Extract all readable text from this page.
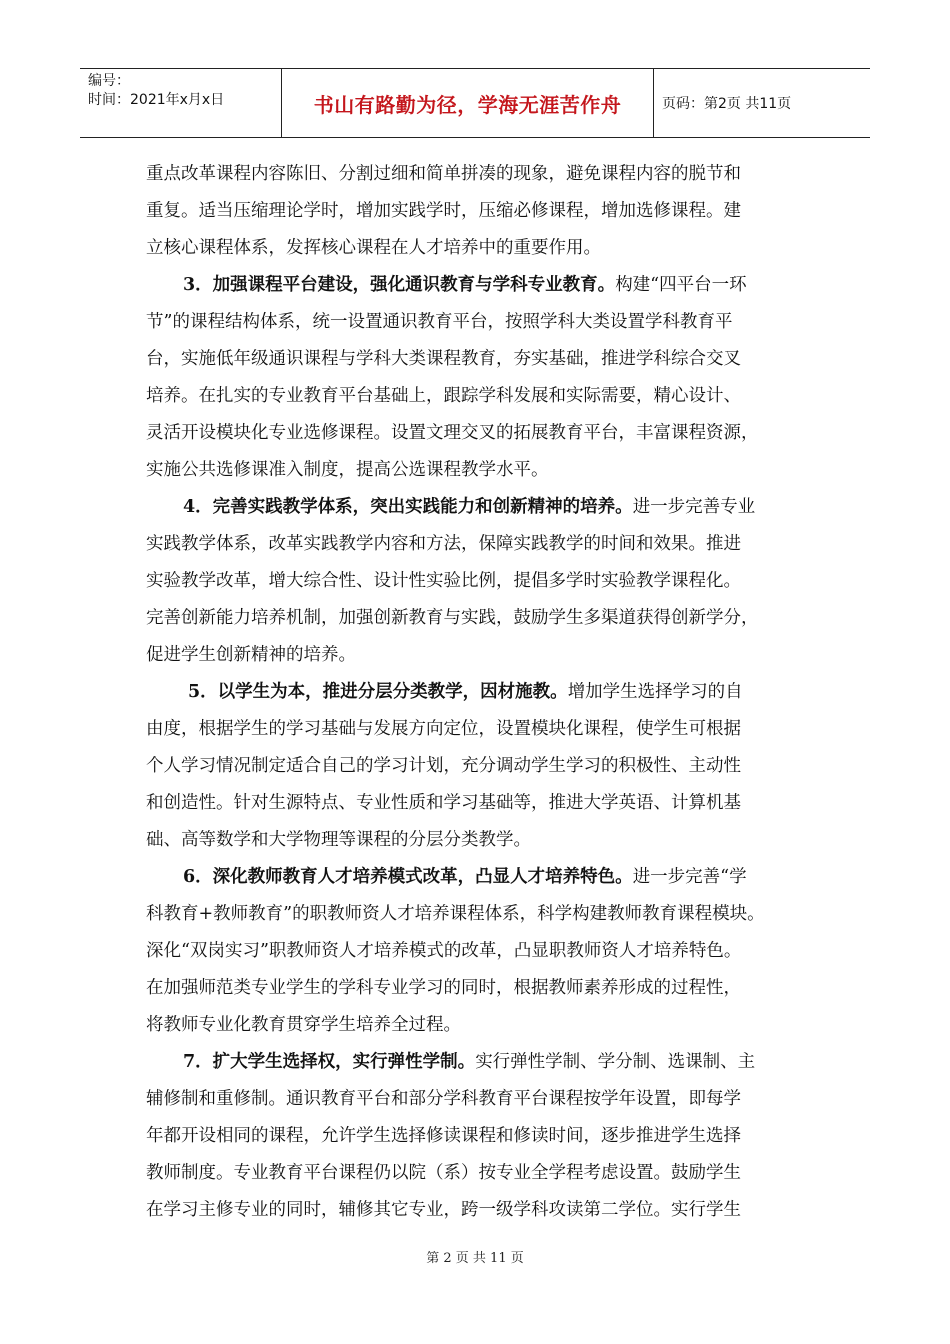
编号：
时间：2021年x月x日	书山有路勤为径，学海无涯苦作舟	页码：第2页 共11页
重点改革课程内容陈旧、分割过细和简单拼凑的现象，避免课程内容的脱节和
重复。适当压缩理论学时，增加实践学时，压缩必修课程，增加选修课程。建
立核心课程体系，发挥核心课程在人才培养中的重要作用。
3．加强课程平台建设，强化通识教育与学科专业教育。构建“四平台一环
节”的课程结构体系，统一设置通识教育平台，按照学科大类设置学科教育平
台，实施低年级通识课程与学科大类课程教育，夯实基础，推进学科综合交叉
培养。在扎实的专业教育平台基础上，跟踪学科发展和实际需要，精心设计、
灵活开设模块化专业选修课程。设置文理交叉的拓展教育平台，丰富课程资源，
实施公共选修课准入制度，提高公选课程教学水平。
4．完善实践教学体系，突出实践能力和创新精神的培养。进一步完善专业
实践教学体系，改革实践教学内容和方法，保障实践教学的时间和效果。推进
实验教学改革，增大综合性、设计性实验比例，提倡多学时实验教学课程化。
完善创新能力培养机制，加强创新教育与实践，鼓励学生多渠道获得创新学分，
促进学生创新精神的培养。
5．以学生为本，推进分层分类教学，因材施教。增加学生选择学习的自
由度，根据学生的学习基础与发展方向定位，设置模块化课程，使学生可根据
个人学习情况制定适合自己的学习计划，充分调动学生学习的积极性、主动性
和创造性。针对生源特点、专业性质和学习基础等，推进大学英语、计算机基
础、高等数学和大学物理等课程的分层分类教学。
6．深化教师教育人才培养模式改革，凸显人才培养特色。进一步完善“学
科教育+教师教育”的职教师资人才培养课程体系，科学构建教师教育课程模块。
深化“双岗实习”职教师资人才培养模式的改革，凸显职教师资人才培养特色。
在加强师范类专业学生的学科专业学习的同时，根据教师素养形成的过程性，
将教师专业化教育贯穿学生培养全过程。
7．扩大学生选择权，实行弹性学制。实行弹性学制、学分制、选课制、主
辅修制和重修制。通识教育平台和部分学科教育平台课程按学年设置，即每学
年都开设相同的课程，允许学生选择修读课程和修读时间，逐步推进学生选择
教师制度。专业教育平台课程仍以院（系）按专业全学程考虑设置。鼓励学生
在学习主修专业的同时，辅修其它专业，跨一级学科攻读第二学位。实行学生
第 2 页 共 11 页
